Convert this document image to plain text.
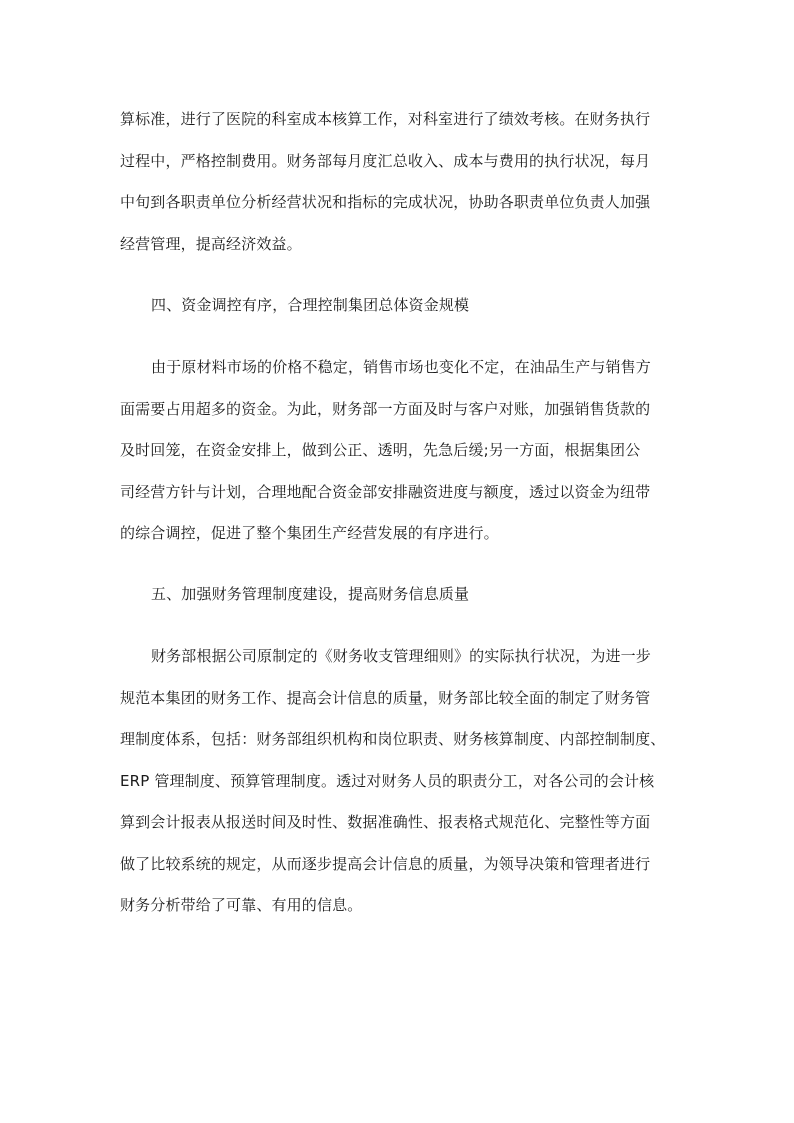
算标准，进行了医院的科室成本核算工作，对科室进行了绩效考核。在财务执行
过程中，严格控制费用。财务部每月度汇总收入、成本与费用的执行状况，每月
中旬到各职责单位分析经营状况和指标的完成状况，协助各职责单位负责人加强
经营管理，提高经济效益。
四、资金调控有序，合理控制集团总体资金规模
由于原材料市场的价格不稳定，销售市场也变化不定，在油品生产与销售方
面需要占用超多的资金。为此，财务部一方面及时与客户对账，加强销售货款的
及时回笼，在资金安排上，做到公正、透明，先急后缓;另一方面，根据集团公
司经营方针与计划，合理地配合资金部安排融资进度与额度，透过以资金为纽带
的综合调控，促进了整个集团生产经营发展的有序进行。
五、加强财务管理制度建设，提高财务信息质量
财务部根据公司原制定的《财务收支管理细则》的实际执行状况，为进一步
规范本集团的财务工作、提高会计信息的质量，财务部比较全面的制定了财务管
理制度体系，包括：财务部组织机构和岗位职责、财务核算制度、内部控制制度、
ERP 管理制度、预算管理制度。透过对财务人员的职责分工，对各公司的会计核
算到会计报表从报送时间及时性、数据准确性、报表格式规范化、完整性等方面
做了比较系统的规定，从而逐步提高会计信息的质量，为领导决策和管理者进行
财务分析带给了可靠、有用的信息。
